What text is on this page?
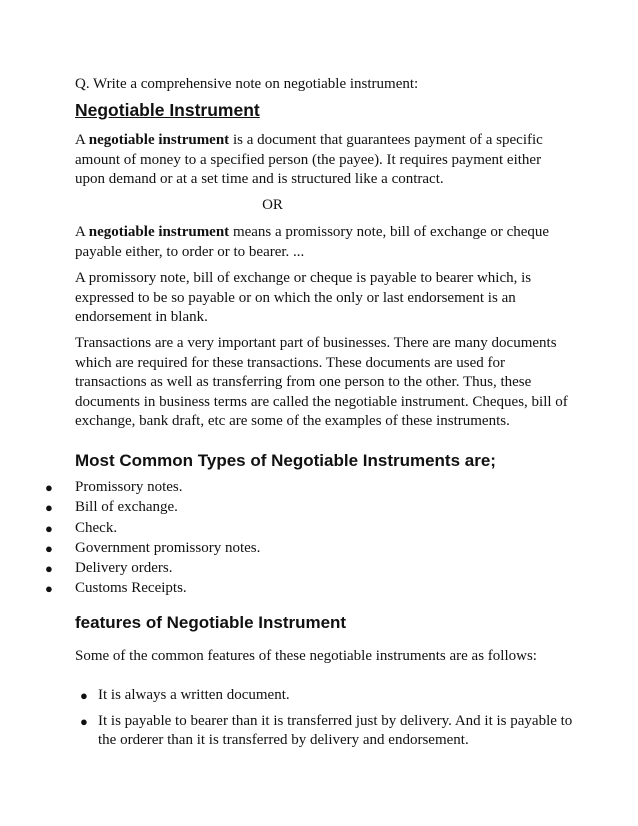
Q. Write a comprehensive note on negotiable instrument:

Negotiable Instrument

A negotiable instrument is a document that guarantees payment of a specific amount of money to a specified person (the payee). It requires payment either upon demand or at a set time and is structured like a contract.

OR

A negotiable instrument means a promissory note, bill of exchange or cheque payable either, to order or to bearer. ...

A promissory note, bill of exchange or cheque is payable to bearer which, is expressed to be so payable or on which the only or last endorsement is an endorsement in blank.

Transactions are a very important part of businesses. There are many documents which are required for these transactions. These documents are used for transactions as well as transferring from one person to the other. Thus, these documents in business terms are called the negotiable instrument. Cheques, bill of exchange, bank draft, etc are some of the examples of these instruments.

Most Common Types of Negotiable Instruments are;

● Promissory notes.
● Bill of exchange.
● Check.
● Government promissory notes.
● Delivery orders.
● Customs Receipts.

features of Negotiable Instrument

Some of the common features of these negotiable instruments are as follows:

● It is always a written document.
● It is payable to bearer than it is transferred just by delivery. And it is payable to the orderer than it is transferred by delivery and endorsement.
